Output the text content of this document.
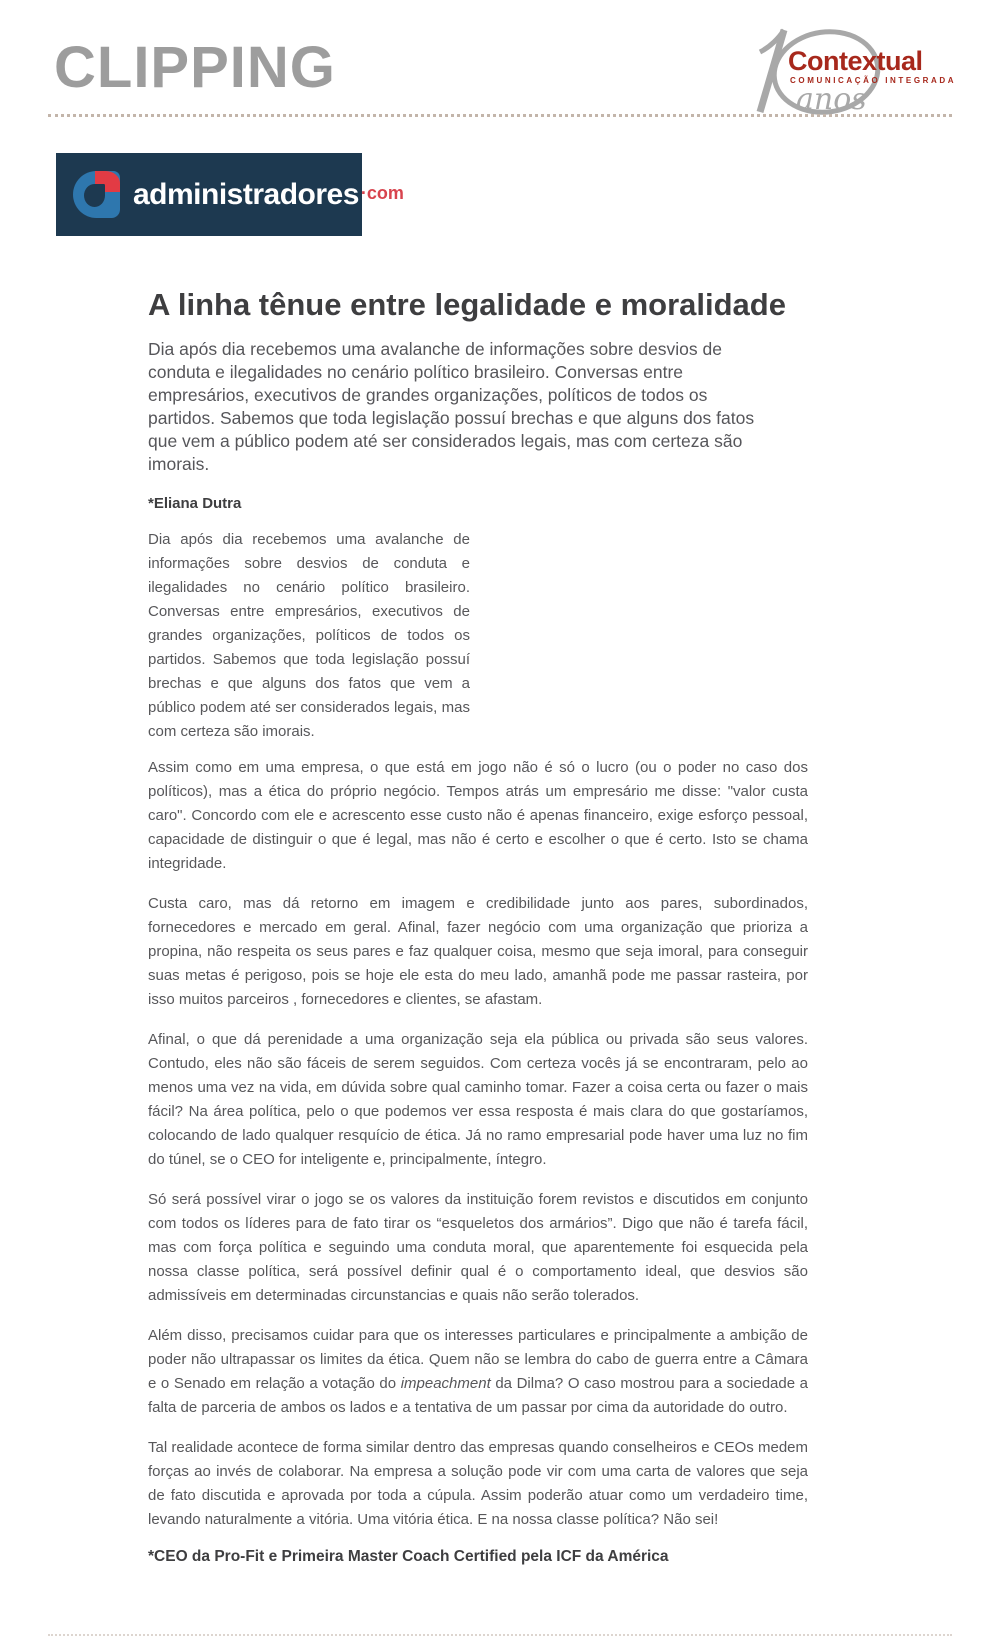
CLIPPING	Contextual
COMUNICAÇÃO INTEGRADA
anos
administradores ·com
A linha tênue entre legalidade e moralidade

Dia após dia recebemos uma avalanche de informações sobre desvios de conduta e ilegalidades no cenário político brasileiro. Conversas entre empresários, executivos de grandes organizações, políticos de todos os partidos. Sabemos que toda legislação possuí brechas e que alguns dos fatos que vem a público podem até ser considerados legais, mas com certeza são imorais.

*Eliana Dutra

Dia após dia recebemos uma avalanche de informações sobre desvios de conduta e ilegalidades no cenário político brasileiro. Conversas entre empresários, executivos de grandes organizações, políticos de todos os partidos. Sabemos que toda legislação possuí brechas e que alguns dos fatos que vem a público podem até ser considerados legais, mas com certeza são imorais.

Assim como em uma empresa, o que está em jogo não é só o lucro (ou o poder no caso dos políticos), mas a ética do próprio negócio. Tempos atrás um empresário me disse: "valor custa caro". Concordo com ele e acrescento esse custo não é apenas financeiro, exige esforço pessoal, capacidade de distinguir o que é legal, mas não é certo e escolher o que é certo. Isto se chama integridade.

Custa caro, mas dá retorno em imagem e credibilidade junto aos pares, subordinados, fornecedores e mercado em geral. Afinal, fazer negócio com uma organização que prioriza a propina, não respeita os seus pares e faz qualquer coisa, mesmo que seja imoral, para conseguir suas metas é perigoso, pois se hoje ele esta do meu lado, amanhã pode me passar rasteira, por isso muitos parceiros , fornecedores e clientes, se afastam.

Afinal, o que dá perenidade a uma organização seja ela pública ou privada são seus valores. Contudo, eles não são fáceis de serem seguidos. Com certeza vocês já se encontraram, pelo ao menos uma vez na vida, em dúvida sobre qual caminho tomar. Fazer a coisa certa ou fazer o mais fácil? Na área política, pelo o que podemos ver essa resposta é mais clara do que gostaríamos, colocando de lado qualquer resquício de ética. Já no ramo empresarial pode haver uma luz no fim do túnel, se o CEO for inteligente e, principalmente, íntegro.

Só será possível virar o jogo se os valores da instituição forem revistos e discutidos em conjunto com todos os líderes para de fato tirar os “esqueletos dos armários”. Digo que não é tarefa fácil, mas com força política e seguindo uma conduta moral, que aparentemente foi esquecida pela nossa classe política, será possível definir qual é o comportamento ideal, que desvios são admissíveis em determinadas circunstancias e quais não serão tolerados.

Além disso, precisamos cuidar para que os interesses particulares e principalmente a ambição de poder não ultrapassar os limites da ética. Quem não se lembra do cabo de guerra entre a Câmara e o Senado em relação a votação do impeachment da Dilma? O caso mostrou para a sociedade a falta de parceria de ambos os lados e a tentativa de um passar por cima da autoridade do outro.

Tal realidade acontece de forma similar dentro das empresas quando conselheiros e CEOs medem forças ao invés de colaborar. Na empresa a solução pode vir com uma carta de valores que seja de fato discutida e aprovada por toda a cúpula. Assim poderão atuar como um verdadeiro time, levando naturalmente a vitória. Uma vitória ética. E na nossa classe política? Não sei!

*CEO da Pro-Fit e Primeira Master Coach Certified pela ICF da América
